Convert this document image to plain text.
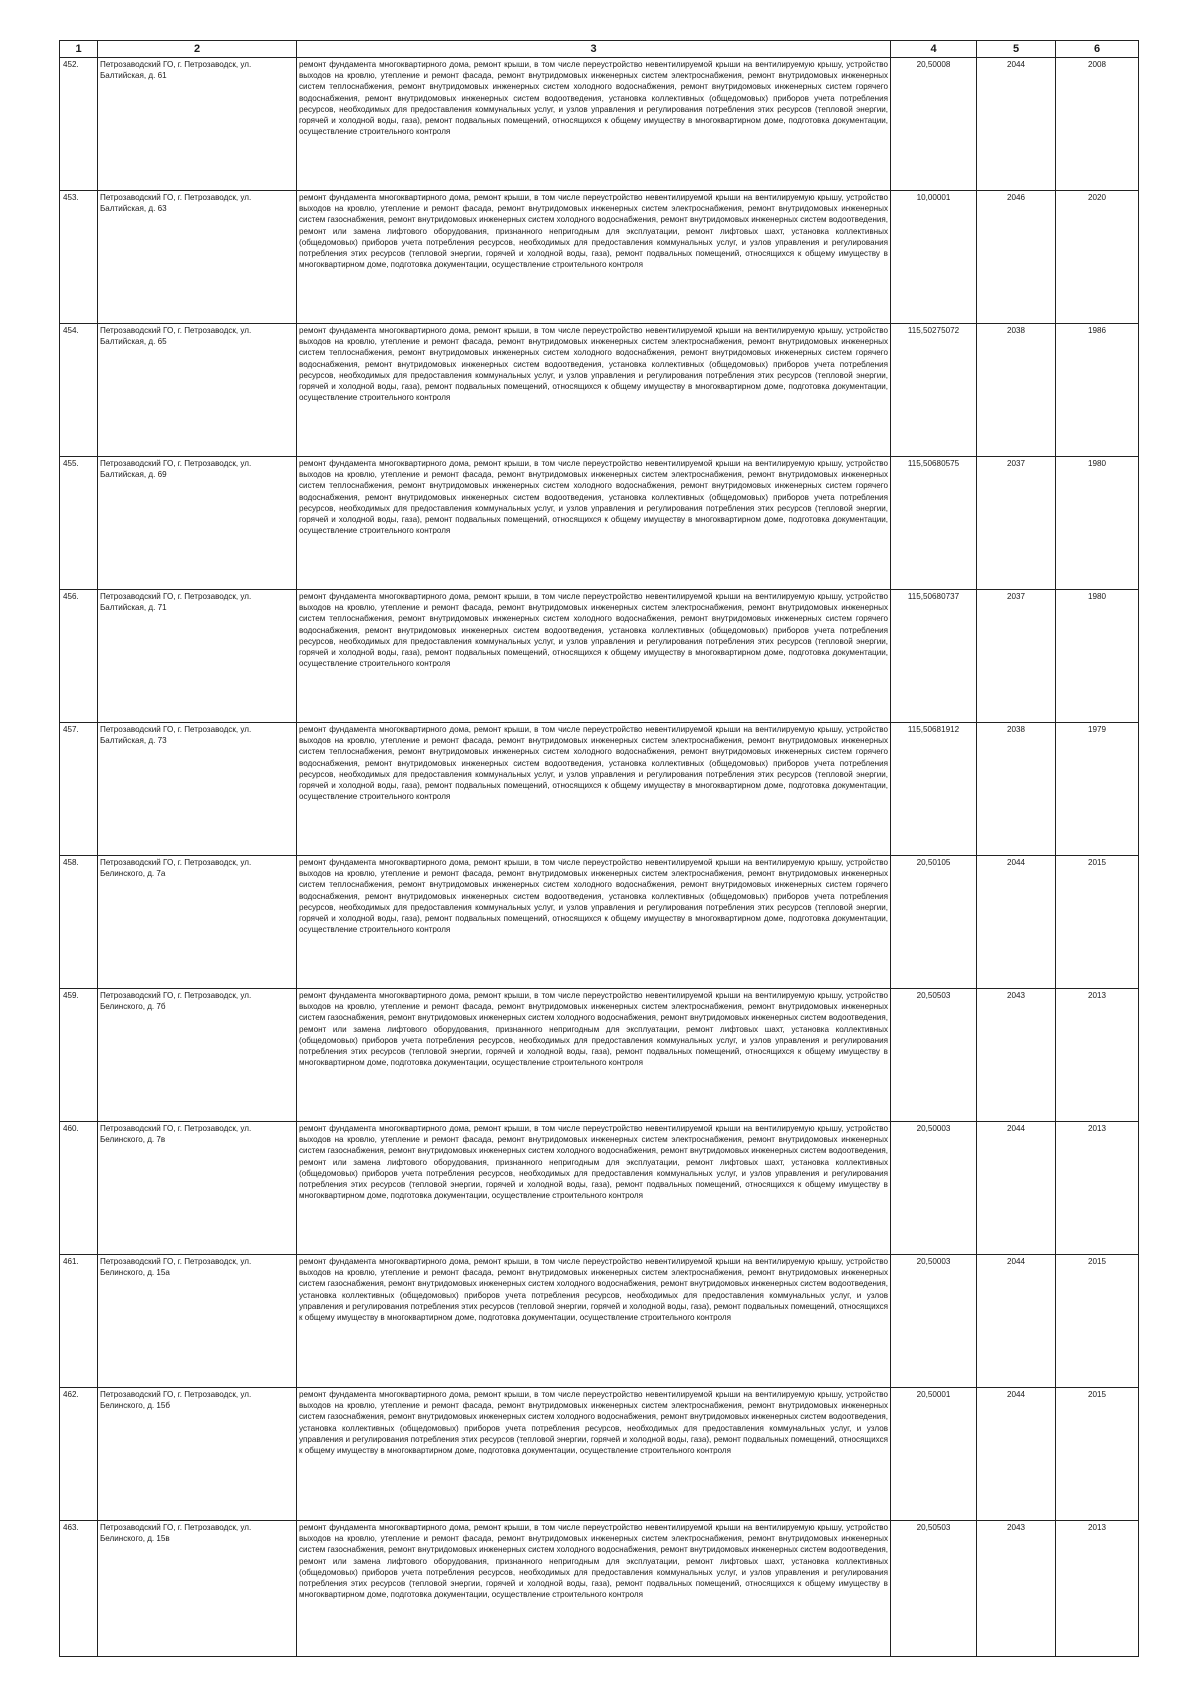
1	2	3	4	5	6
452.	Петрозаводский ГО, г. Петрозаводск, ул. Балтийская, д. 61	ремонт фундамента многоквартирного дома, ремонт крыши, в том числе переустройство невентилируемой крыши на вентилируемую крышу, устройство выходов на кровлю, утепление и ремонт фасада, ремонт внутридомовых инженерных систем электроснабжения, ремонт внутридомовых инженерных систем теплоснабжения, ремонт внутридомовых инженерных систем холодного водоснабжения, ремонт внутридомовых инженерных систем горячего водоснабжения, ремонт внутридомовых инженерных систем водоотведения, установка коллективных (общедомовых) приборов учета потребления ресурсов, необходимых для предоставления коммунальных услуг, и узлов управления и регулирования потребления этих ресурсов (тепловой энергии, горячей и холодной воды, газа), ремонт подвальных помещений, относящихся к общему имуществу в многоквартирном доме, подготовка документации, осуществление строительного контроля	20,50008	2044	2008
453.	Петрозаводский ГО, г. Петрозаводск, ул. Балтийская, д. 63	ремонт фундамента многоквартирного дома, ремонт крыши, в том числе переустройство невентилируемой крыши на вентилируемую крышу, устройство выходов на кровлю, утепление и ремонт фасада, ремонт внутридомовых инженерных систем электроснабжения, ремонт внутридомовых инженерных систем газоснабжения, ремонт внутридомовых инженерных систем холодного водоснабжения, ремонт внутридомовых инженерных систем водоотведения, ремонт или замена лифтового оборудования, признанного непригодным для эксплуатации, ремонт лифтовых шахт, установка коллективных (общедомовых) приборов учета потребления ресурсов, необходимых для предоставления коммунальных услуг, и узлов управления и регулирования потребления этих ресурсов (тепловой энергии, горячей и холодной воды, газа), ремонт подвальных помещений, относящихся к общему имуществу в многоквартирном доме, подготовка документации, осуществление строительного контроля	10,00001	2046	2020
454.	Петрозаводский ГО, г. Петрозаводск, ул. Балтийская, д. 65	ремонт фундамента многоквартирного дома, ремонт крыши, в том числе переустройство невентилируемой крыши на вентилируемую крышу, устройство выходов на кровлю, утепление и ремонт фасада, ремонт внутридомовых инженерных систем электроснабжения, ремонт внутридомовых инженерных систем теплоснабжения, ремонт внутридомовых инженерных систем холодного водоснабжения, ремонт внутридомовых инженерных систем горячего водоснабжения, ремонт внутридомовых инженерных систем водоотведения, установка коллективных (общедомовых) приборов учета потребления ресурсов, необходимых для предоставления коммунальных услуг, и узлов управления и регулирования потребления этих ресурсов (тепловой энергии, горячей и холодной воды, газа), ремонт подвальных помещений, относящихся к общему имуществу в многоквартирном доме, подготовка документации, осуществление строительного контроля	115,50275072	2038	1986
455.	Петрозаводский ГО, г. Петрозаводск, ул. Балтийская, д. 69	ремонт фундамента многоквартирного дома, ремонт крыши, в том числе переустройство невентилируемой крыши на вентилируемую крышу, устройство выходов на кровлю, утепление и ремонт фасада, ремонт внутридомовых инженерных систем электроснабжения, ремонт внутридомовых инженерных систем теплоснабжения, ремонт внутридомовых инженерных систем холодного водоснабжения, ремонт внутридомовых инженерных систем горячего водоснабжения, ремонт внутридомовых инженерных систем водоотведения, установка коллективных (общедомовых) приборов учета потребления ресурсов, необходимых для предоставления коммунальных услуг, и узлов управления и регулирования потребления этих ресурсов (тепловой энергии, горячей и холодной воды, газа), ремонт подвальных помещений, относящихся к общему имуществу в многоквартирном доме, подготовка документации, осуществление строительного контроля	115,50680575	2037	1980
456.	Петрозаводский ГО, г. Петрозаводск, ул. Балтийская, д. 71	ремонт фундамента многоквартирного дома, ремонт крыши, в том числе переустройство невентилируемой крыши на вентилируемую крышу, устройство выходов на кровлю, утепление и ремонт фасада, ремонт внутридомовых инженерных систем электроснабжения, ремонт внутридомовых инженерных систем теплоснабжения, ремонт внутридомовых инженерных систем холодного водоснабжения, ремонт внутридомовых инженерных систем горячего водоснабжения, ремонт внутридомовых инженерных систем водоотведения, установка коллективных (общедомовых) приборов учета потребления ресурсов, необходимых для предоставления коммунальных услуг, и узлов управления и регулирования потребления этих ресурсов (тепловой энергии, горячей и холодной воды, газа), ремонт подвальных помещений, относящихся к общему имуществу в многоквартирном доме, подготовка документации, осуществление строительного контроля	115,50680737	2037	1980
457.	Петрозаводский ГО, г. Петрозаводск, ул. Балтийская, д. 73	ремонт фундамента многоквартирного дома, ремонт крыши, в том числе переустройство невентилируемой крыши на вентилируемую крышу, устройство выходов на кровлю, утепление и ремонт фасада, ремонт внутридомовых инженерных систем электроснабжения, ремонт внутридомовых инженерных систем теплоснабжения, ремонт внутридомовых инженерных систем холодного водоснабжения, ремонт внутридомовых инженерных систем горячего водоснабжения, ремонт внутридомовых инженерных систем водоотведения, установка коллективных (общедомовых) приборов учета потребления ресурсов, необходимых для предоставления коммунальных услуг, и узлов управления и регулирования потребления этих ресурсов (тепловой энергии, горячей и холодной воды, газа), ремонт подвальных помещений, относящихся к общему имуществу в многоквартирном доме, подготовка документации, осуществление строительного контроля	115,50681912	2038	1979
458.	Петрозаводский ГО, г. Петрозаводск, ул. Белинского, д. 7а	ремонт фундамента многоквартирного дома, ремонт крыши, в том числе переустройство невентилируемой крыши на вентилируемую крышу, устройство выходов на кровлю, утепление и ремонт фасада, ремонт внутридомовых инженерных систем электроснабжения, ремонт внутридомовых инженерных систем теплоснабжения, ремонт внутридомовых инженерных систем холодного водоснабжения, ремонт внутридомовых инженерных систем горячего водоснабжения, ремонт внутридомовых инженерных систем водоотведения, установка коллективных (общедомовых) приборов учета потребления ресурсов, необходимых для предоставления коммунальных услуг, и узлов управления и регулирования потребления этих ресурсов (тепловой энергии, горячей и холодной воды, газа), ремонт подвальных помещений, относящихся к общему имуществу в многоквартирном доме, подготовка документации, осуществление строительного контроля	20,50105	2044	2015
459.	Петрозаводский ГО, г. Петрозаводск, ул. Белинского, д. 7б	ремонт фундамента многоквартирного дома, ремонт крыши, в том числе переустройство невентилируемой крыши на вентилируемую крышу, устройство выходов на кровлю, утепление и ремонт фасада, ремонт внутридомовых инженерных систем электроснабжения, ремонт внутридомовых инженерных систем газоснабжения, ремонт внутридомовых инженерных систем холодного водоснабжения, ремонт внутридомовых инженерных систем водоотведения, ремонт или замена лифтового оборудования, признанного непригодным для эксплуатации, ремонт лифтовых шахт, установка коллективных (общедомовых) приборов учета потребления ресурсов, необходимых для предоставления коммунальных услуг, и узлов управления и регулирования потребления этих ресурсов (тепловой энергии, горячей и холодной воды, газа), ремонт подвальных помещений, относящихся к общему имуществу в многоквартирном доме, подготовка документации, осуществление строительного контроля	20,50503	2043	2013
460.	Петрозаводский ГО, г. Петрозаводск, ул. Белинского, д. 7в	ремонт фундамента многоквартирного дома, ремонт крыши, в том числе переустройство невентилируемой крыши на вентилируемую крышу, устройство выходов на кровлю, утепление и ремонт фасада, ремонт внутридомовых инженерных систем электроснабжения, ремонт внутридомовых инженерных систем газоснабжения, ремонт внутридомовых инженерных систем холодного водоснабжения, ремонт внутридомовых инженерных систем водоотведения, ремонт или замена лифтового оборудования, признанного непригодным для эксплуатации, ремонт лифтовых шахт, установка коллективных (общедомовых) приборов учета потребления ресурсов, необходимых для предоставления коммунальных услуг, и узлов управления и регулирования потребления этих ресурсов (тепловой энергии, горячей и холодной воды, газа), ремонт подвальных помещений, относящихся к общему имуществу в многоквартирном доме, подготовка документации, осуществление строительного контроля	20,50003	2044	2013
461.	Петрозаводский ГО, г. Петрозаводск, ул. Белинского, д. 15а	ремонт фундамента многоквартирного дома, ремонт крыши, в том числе переустройство невентилируемой крыши на вентилируемую крышу, устройство выходов на кровлю, утепление и ремонт фасада, ремонт внутридомовых инженерных систем электроснабжения, ремонт внутридомовых инженерных систем газоснабжения, ремонт внутридомовых инженерных систем холодного водоснабжения, ремонт внутридомовых инженерных систем водоотведения, установка коллективных (общедомовых) приборов учета потребления ресурсов, необходимых для предоставления коммунальных услуг, и узлов управления и регулирования потребления этих ресурсов (тепловой энергии, горячей и холодной воды, газа), ремонт подвальных помещений, относящихся к общему имуществу в многоквартирном доме, подготовка документации, осуществление строительного контроля	20,50003	2044	2015
462.	Петрозаводский ГО, г. Петрозаводск, ул. Белинского, д. 15б	ремонт фундамента многоквартирного дома, ремонт крыши, в том числе переустройство невентилируемой крыши на вентилируемую крышу, устройство выходов на кровлю, утепление и ремонт фасада, ремонт внутридомовых инженерных систем электроснабжения, ремонт внутридомовых инженерных систем газоснабжения, ремонт внутридомовых инженерных систем холодного водоснабжения, ремонт внутридомовых инженерных систем водоотведения, установка коллективных (общедомовых) приборов учета потребления ресурсов, необходимых для предоставления коммунальных услуг, и узлов управления и регулирования потребления этих ресурсов (тепловой энергии, горячей и холодной воды, газа), ремонт подвальных помещений, относящихся к общему имуществу в многоквартирном доме, подготовка документации, осуществление строительного контроля	20,50001	2044	2015
463.	Петрозаводский ГО, г. Петрозаводск, ул. Белинского, д. 15в	ремонт фундамента многоквартирного дома, ремонт крыши, в том числе переустройство невентилируемой крыши на вентилируемую крышу, устройство выходов на кровлю, утепление и ремонт фасада, ремонт внутридомовых инженерных систем электроснабжения, ремонт внутридомовых инженерных систем газоснабжения, ремонт внутридомовых инженерных систем холодного водоснабжения, ремонт внутридомовых инженерных систем водоотведения, ремонт или замена лифтового оборудования, признанного непригодным для эксплуатации, ремонт лифтовых шахт, установка коллективных (общедомовых) приборов учета потребления ресурсов, необходимых для предоставления коммунальных услуг, и узлов управления и регулирования потребления этих ресурсов (тепловой энергии, горячей и холодной воды, газа), ремонт подвальных помещений, относящихся к общему имуществу в многоквартирном доме, подготовка документации, осуществление строительного контроля	20,50503	2043	2013
